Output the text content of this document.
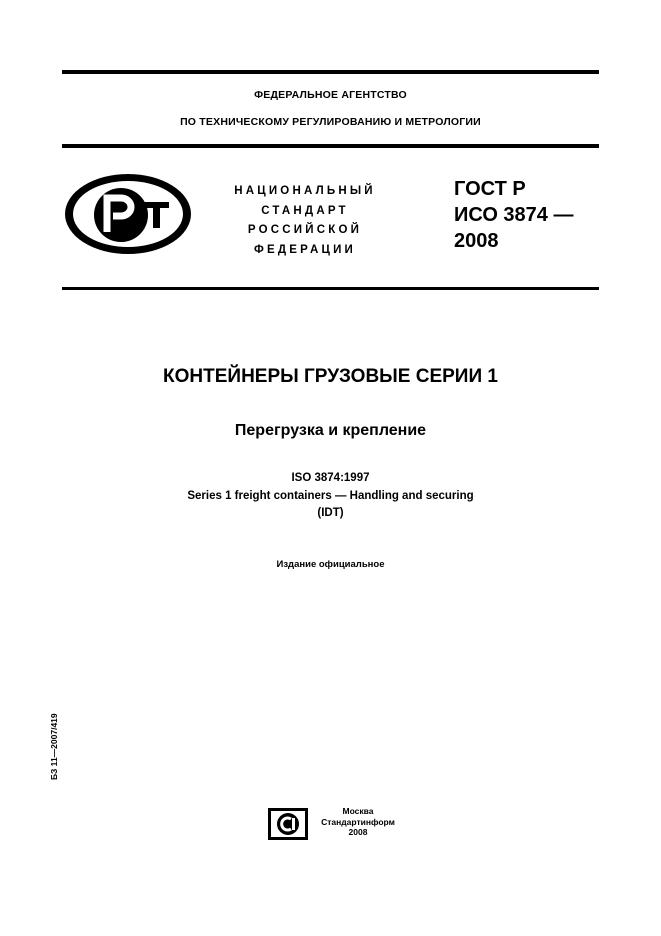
ФЕДЕРАЛЬНОЕ АГЕНТСТВО
ПО ТЕХНИЧЕСКОМУ РЕГУЛИРОВАНИЮ И МЕТРОЛОГИИ
НАЦИОНАЛЬНЫЙ
СТАНДАРТ
РОССИЙСКОЙ
ФЕДЕРАЦИИ
ГОСТ Р
ИСО 3874 —
2008
КОНТЕЙНЕРЫ ГРУЗОВЫЕ СЕРИИ 1
Перегрузка и крепление
ISO 3874:1997
Series 1 freight containers — Handling and securing
(IDT)
Издание официальное
БЗ 11—2007/419
Москва
Стандартинформ
2008
